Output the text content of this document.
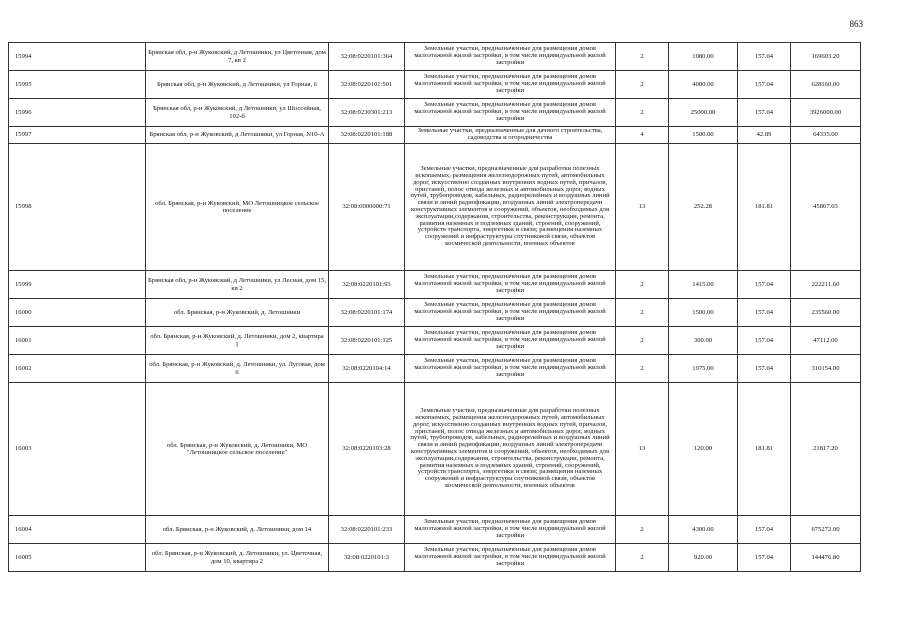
863
15994	Брянская обл, р-н Жуковский, д Летошники, ул Цветочная, дом 7, кв 2	32:08:0220101:364	Земельные участки, предназначенные для размещения домов малоэтажной жилой застройки, в том числе индивидуальной жилой застройки	2	1080.00	157.04	169603.20
15995	Брянская обл, р-н Жуковский, д Летошники, ул Горная, 6	32:08:0220101:501	Земельные участки, предназначенные для размещения домов малоэтажной жилой застройки, в том числе индивидуальной жилой застройки	2	4000.00	157.04	628160.00
15996	Брянская обл, р-н Жуковский, д Летошники, ул Шоссейная, 102-б	32:08:0230301:213	Земельные участки, предназначенные для размещения домов малоэтажной жилой застройки, в том числе индивидуальной жилой застройки	2	25000.00	157.04	3926000.00
15997	Брянская обл, р-н Жуковский, д Летошники, ул Горная, N10-А	32:08:0220101:188	Земельные участки, предназначенные для дачного строительства, садоводства и огородничества	4	1500.00	42.89	64335.00
15998	обл. Брянская, р-н Жуковский, МО Летошницкое сельское поселение	32:08:0000000:71	Земельные участки, предназначенные для разработки полезных ископаемых, размещения железнодорожных путей, автомобильных дорог, искусственно созданных внутренних водных путей, причалов, пристаней, полос отвода железных и автомобильных дорог, водных путей, трубопроводов, кабельных, радиорелейных и воздушных линий связи и линий радиофикации, воздушных линий электропередачи конструктивных элементов и сооружений, объектов, необходимых для эксплуатации,содержания, строительства, реконструкции, ремонта, развития наземных и подземных зданий, строений, сооружений, устройств транспорта, энергетики и связи; размещения наземных сооружений и инфраструктуры спутниковой связи, объектов космической деятельности, военных объектов	13	252.28	181.81	45867.03
15999	Брянская обл, р-н Жуковский, д Летошники, ул Лесная, дом 15, кв 2	32:08:0220101:93	Земельные участки, предназначенные для размещения домов малоэтажной жилой застройки, в том числе индивидуальной жилой застройки	2	1415.00	157.04	222211.60
16000	обл. Брянская, р-н Жуковский, д. Летошники	32:08:0220101:174	Земельные участки, предназначенные для размещения домов малоэтажной жилой застройки, в том числе индивидуальной жилой застройки	2	1500.00	157.04	235560.00
16001	обл. Брянская, р-н Жуковский, д. Летошники, дом 2, квартира 1	32:08:0220101:125	Земельные участки, предназначенные для размещения домов малоэтажной жилой застройки, в том числе индивидуальной жилой застройки	2	300.00	157.04	47112.00
16002	обл. Брянская, р-н Жуковский, д. Летошники, ул. Луговая, дом 6	32:08:0220104:14	Земельные участки, предназначенные для размещения домов малоэтажной жилой застройки, в том числе индивидуальной жилой застройки	2	1975.00	157.04	310154.00
16003	обл. Брянская, р-н Жуковский, д. Летошники, МО "Летошницкое сельское поселение"	32:08:0220103:28	Земельные участки, предназначенные для разработки полезных ископаемых, размещения железнодорожных путей, автомобильных дорог, искусственно созданных внутренних водных путей, причалов, пристаней, полос отвода железных и автомобильных дорог, водных путей, трубопроводов, кабельных, радиорелейных и воздушных линий связи и линий радиофикации, воздушных линий электропередачи конструктивных элементов и сооружений, объектов, необходимых для эксплуатации,содержания, строительства, реконструкции, ремонта, развития наземных и подземных зданий, строений, сооружений, устройств транспорта, энергетики и связи; размещения наземных сооружений и инфраструктуры спутниковой связи, объектов космической деятельности, военных объектов	13	120.00	181.81	21817.20
16004	обл. Брянская, р-н Жуковский, д. Летошники, дом 14	32:08:0220101:233	Земельные участки, предназначенные для размещения домов малоэтажной жилой застройки, в том числе индивидуальной жилой застройки	2	4300.00	157.04	675272.00
16005	обл. Брянская, р-н Жуковский, д. Летошники, ул. Цветочная, дом 10, квартира 2	32:08:0220101:3	Земельные участки, предназначенные для размещения домов малоэтажной жилой застройки, в том числе индивидуальной жилой застройки	2	920.00	157.04	144476.80
